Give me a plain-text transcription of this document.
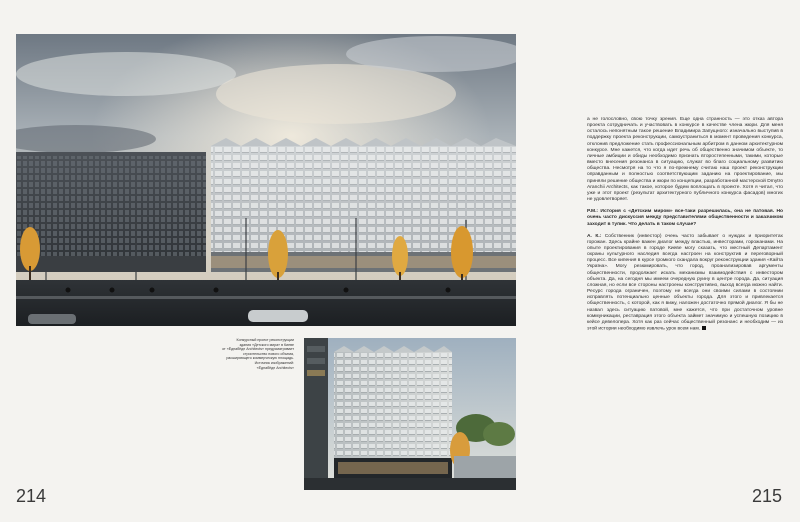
Конкурсный проект реконструкции

здания «Детского мира» в Киеве

от «Ёдпабёдн Architects» предусматривает

строительство нового объема,

расширяющего коммерческую площадь.

Источник изображений:

«Ёдпабёдн Architects»

а не голословно, свою точку зрения. Еще одна странность — это отказ автора проекта сотрудничать и участвовать в конкурсе в качестве члена жюри. Для меня осталось непонятным такое решение Владимира Запущного: изначально выступив в поддержку проекта реконструкции, самоустраниться в момент проведения конкурса, отклонив предложение стать профессиональным арбитром в данном архитектурном конкурсе. Мне кажется, что когда идет речь об общественно значимом объекте, то личные амбиции и обиды необходимо признать второстепенными, такими, которые вместо внесения резонанса в ситуацию, служат во благо социальному развитию общества. Несмотря на то что я по-прежнему считаю наш проект реконструкции оправданным и полностью соответствующим заданию на проектирование, мы приняли решение общества и жюри по концепции, разработанной мастерской Dmytro Aranchii Architects, как такое, которое будем воплощать в проекте. Хотя я читал, что уже и этот проект (результат архитектурного публичного конкурса фасадов) многих не удовлетворяет.

P.M.: История с «Детским миром» все-таки разрешилась, она не патовая. Но очень часто дискуссия между представителями общественности и заказчиком заходит в тупик. Что делать в таком случае?

А. К.: Собственник (инвестор) очень часто забывает о нуждах и приоритетах горожан. Здесь крайне важен диалог между властью, инвесторами, горожанами. На опыте проектирования в городе Киеве могу сказать, что местный Департамент охраны культурного наследия всегда настроен на конструктив и переговорный процесс. Все кипения в курсе громкого скандала вокруг реконструкции здания «Кайта Україна». Могу резюмировать, что город, проанализировав аргументы общественности, продолжает искать механизмы взаимодействия с инвестором объекта. Да, на сегодня мы имеем очередную руину в центре города. Да, ситуация сложная, но если все стороны настроены конструктивно, выход всегда можно найти. Ресурс города ограничен, поэтому не всегда они своими силами в состоянии исправлять потенциально ценные объекты города. Для этого и привлекается общественность, с которой, как я вижу, наложен достаточно прямой диалог. Я бы не назвал здесь ситуацию патовой, мне кажется, что при достаточном уровне коммуникации, реставрация этого объекта займет значимую и успешную позицию в кейсе девелопера. Хотя как раз сейчас общественный резонанс и необходим — из этой истории необходимо извлечь урок всем нам.

214	215
